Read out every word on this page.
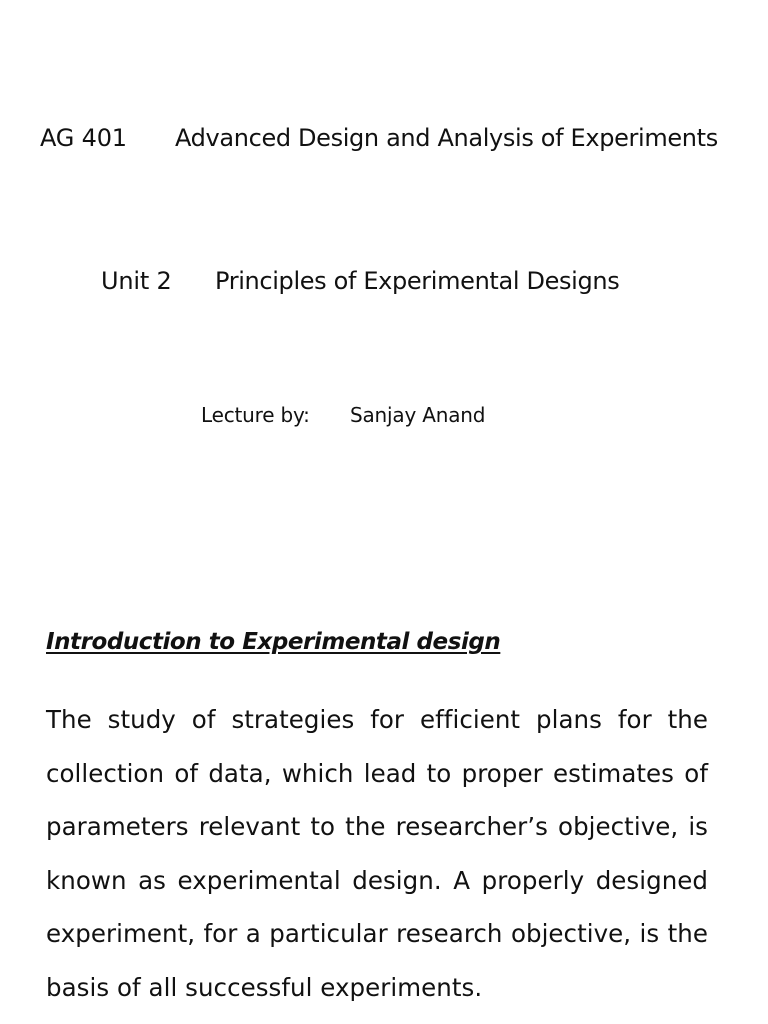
AG 401 Advanced Design and Analysis of Experiments
Unit 2 Principles of Experimental Designs
Lecture by: Sanjay Anand
Introduction to Experimental design
The study of strategies for efficient plans for the collection of data, which lead to proper estimates of parameters relevant to the researcher’s objective, is known as experimental design. A properly designed experiment, for a particular research objective, is the basis of all successful experiments.
